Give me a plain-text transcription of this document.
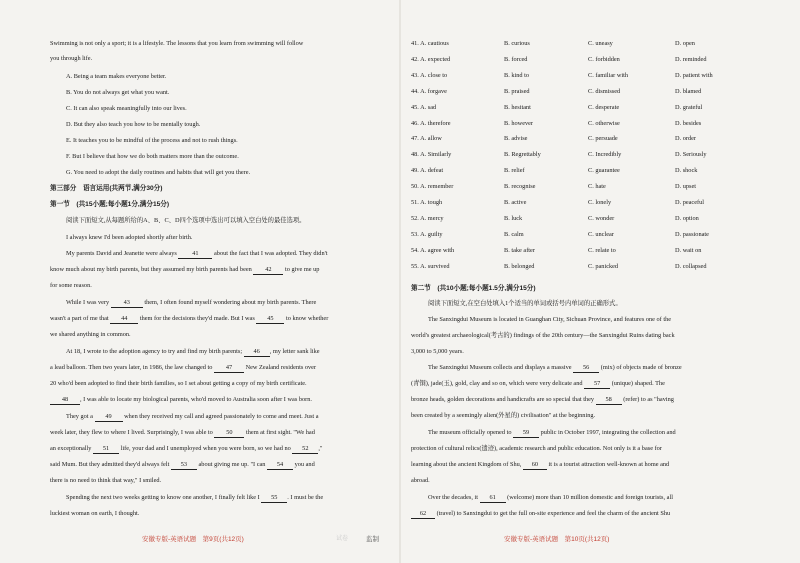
Swimming is not only a sport; it is a lifestyle. The lessons that you learn from swimming will follow
you through life.
A. Being a team makes everyone better.
B. You do not always get what you want.
C. It can also speak meaningfully into our lives.
D. But they also teach you how to be mentally tough.
E. It teaches you to be mindful of the process and not to rush things.
F. But I believe that how we do both matters more than the outcome.
G. You need to adopt the daily routines and habits that will get you there.
第三部分　语言运用(共两节,满分30分)
第一节　(共15小题;每小题1分,满分15分)
阅读下面短文,从每题所给的A、B、C、D四个选项中选出可以填入空白处的最佳选项。
I always knew I'd been adopted shortly after birth.
My parents David and Jeanette were always 41 about the fact that I was adopted. They didn't
know much about my birth parents, but they assumed my birth parents had been 42 to give me up
for some reason.
While I was very 43 them, I often found myself wondering about my birth parents. There
wasn't a part of me that 44 them for the decisions they'd made. But I was 45 to know whether
we shared anything in common.
At 18, I wrote to the adoption agency to try and find my birth parents; 46 , my letter sank like
a lead balloon. Then two years later, in 1986, the law changed to 47 New Zealand residents over
20 who'd been adopted to find their birth families, so I set about getting a copy of my birth certificate.
48 , I was able to locate my biological parents, who'd moved to Australia soon after I was born.
They got a 49 when they received my call and agreed passionately to come and meet. Just a
week later, they flew to where I lived. Surprisingly, I was able to 50 them at first sight. "We had
an exceptionally 51 life, your dad and I unemployed when you were born, so we had no 52 ,"
said Mum. But they admitted they'd always felt 53 about giving me up. "I can 54 you and
there is no need to think that way," I smiled.
Spending the next two weeks getting to know one another, I finally felt like I 55 . I must be the
luckiest woman on earth, I thought.
安徽专版-英语试题　第9页(共12页)
41. A. cautious	B. curious	C. uneasy	D. open
42. A. expected	B. forced	C. forbidden	D. reminded
43. A. close to	B. kind to	C. familiar with	D. patient with
44. A. forgave	B. praised	C. dismissed	D. blamed
45. A. sad	B. hesitant	C. desperate	D. grateful
46. A. therefore	B. however	C. otherwise	D. besides
47. A. allow	B. advise	C. persuade	D. order
48. A. Similarly	B. Regrettably	C. Incredibly	D. Seriously
49. A. defeat	B. relief	C. guarantee	D. shock
50. A. remember	B. recognise	C. hate	D. upset
51. A. tough	B. active	C. lonely	D. peaceful
52. A. mercy	B. luck	C. wonder	D. option
53. A. guilty	B. calm	C. unclear	D. passionate
54. A. agree with	B. take after	C. relate to	D. wait on
55. A. survived	B. belonged	C. panicked	D. collapsed
第二节　(共10小题;每小题1.5分,满分15分)
阅读下面短文,在空白处填入1个适当的单词或括号内单词的正确形式。
The Sanxingdui Museum is located in Guanghan City, Sichuan Province, and features one of the
world's greatest archaeological(考古的) findings of the 20th century—the Sanxingdui Ruins dating back
3,000 to 5,000 years.
The Sanxingdui Museum collects and displays a massive 56 (mix) of objects made of bronze
(青铜), jade(玉), gold, clay and so on, which were very delicate and 57 (unique) shaped. The
bronze heads, golden decorations and handicrafts are so special that they 58 (refer) to as "having
been created by a seemingly alien(外星的) civilisation" at the beginning.
The museum officially opened to 59 public in October 1997, integrating the collection and
protection of cultural relics(遗迹), academic research and public education. Not only is it a base for
learning about the ancient Kingdom of Shu, 60 it is a tourist attraction well-known at home and
abroad.
Over the decades, it 61 (welcome) more than 10 million domestic and foreign tourists, all
62 (travel) to Sanxingdui to get the full on-site experience and feel the charm of the ancient Shu
安徽专版-英语试题　第10页(共12页)
监制
试卷
